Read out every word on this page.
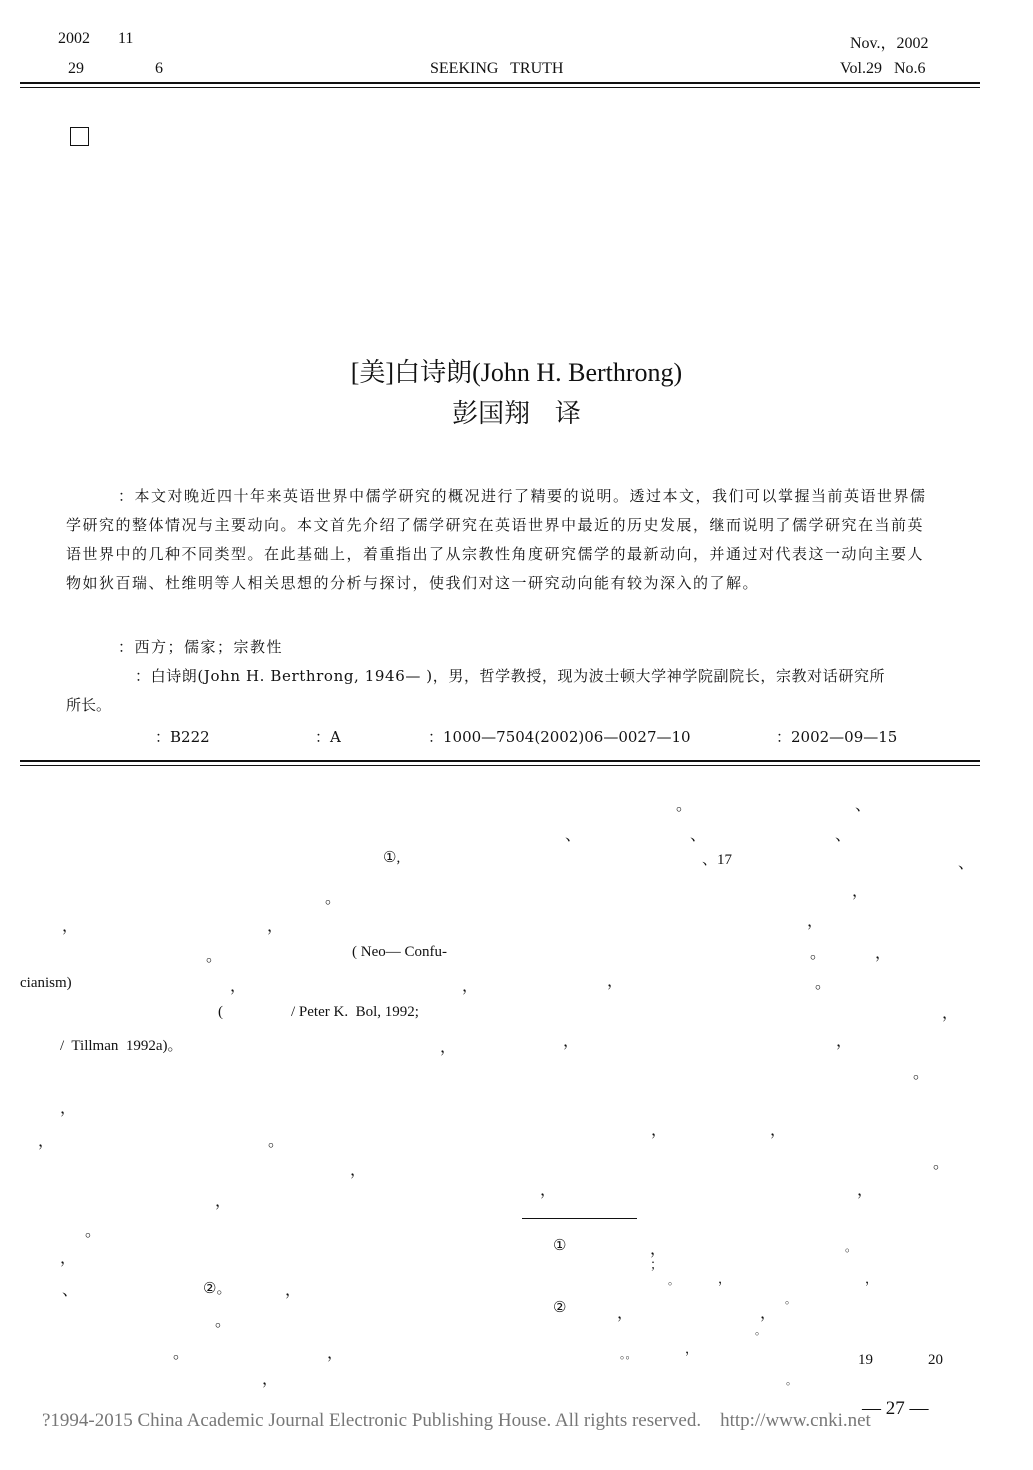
2002 11
29	6	SEEKING   TRUTH
Nov.，2002
Vol.29   No.6
[美]白诗朗(John H. Berthrong)
彭国翔   译
：本文对晚近四十年来英语世界中儒学研究的概况进行了精要的说明。透过本文，我们可以掌握当前英语世界儒学研究的整体情况与主要动向。本文首先介绍了儒学研究在英语世界中最近的历史发展，继而说明了儒学研究在当前英语世界中的几种不同类型。在此基础上，着重指出了从宗教性角度研究儒学的最新动向，并通过对代表这一动向主要人物如狄百瑞、杜维明等人相关思想的分析与探讨，使我们对这一研究动向能有较为深入的了解。
：西方；儒家；宗教性
：白诗朗(John H. Berthrong, 1946— )，男，哲学教授，现为波士顿大学神学院副院长，宗教对话研究所
所长。
：B222	：A	：1000—7504(2002)06—0027—10	：2002—09—15
①,
。
，	，
。	( Neo— Confu-
cianism)	，	，
(	/ Peter K.  Bol, 1992;
/  Tillman  1992a)。	，
，
，	。
，
，
。
，
、	②。	，
。
。	，
，
。	、
、	、	、
、17	、
，
，
。	，
，	。
，
，	，
。
，	，
。
，	，
①	，	。
；
。	，	，
②	，	，
。
。
。。	，
19	20
。
— 27 —
?1994-2015 China Academic Journal Electronic Publishing House. All rights reserved.    http://www.cnki.net
